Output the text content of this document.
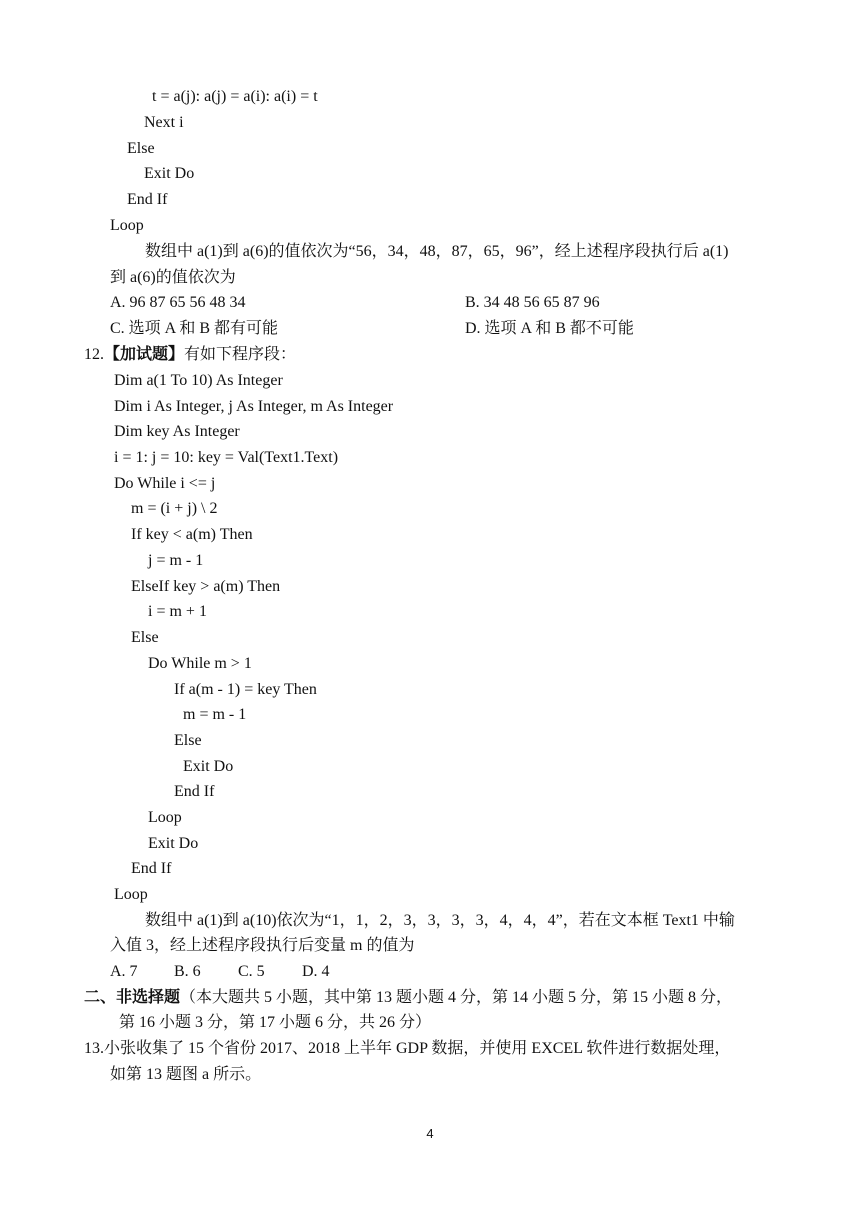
t = a(j): a(j) = a(i): a(i) = t
Next i
Else
Exit Do
End If
Loop
数组中 a(1)到 a(6)的值依次为“56，34，48，87，65，96”，经上述程序段执行后 a(1)
到 a(6)的值依次为
A. 96 87 65 56 48 34	B. 34 48 56 65 87 96
C. 选项 A 和 B 都有可能	D. 选项 A 和 B 都不可能
12.【加试题】有如下程序段：
Dim a(1 To 10) As Integer
Dim i As Integer, j As Integer, m As Integer
Dim key As Integer
i = 1: j = 10: key = Val(Text1.Text)
Do While i <= j
m = (i + j) \ 2
If key < a(m) Then
j = m - 1
ElseIf key > a(m) Then
i = m + 1
Else
Do While m > 1
If a(m - 1) = key Then
m = m - 1
Else
Exit Do
End If
Loop
Exit Do
End If
Loop
数组中 a(1)到 a(10)依次为“1，1，2，3，3，3，3，4，4，4”，若在文本框 Text1 中输
入值 3，经上述程序段执行后变量 m 的值为
A. 7 B. 6 C. 5 D. 4
二、非选择题（本大题共 5 小题，其中第 13 题小题 4 分，第 14 小题 5 分，第 15 小题 8 分，
第 16 小题 3 分，第 17 小题 6 分，共 26 分）
13.小张收集了 15 个省份 2017、2018 上半年 GDP 数据，并使用 EXCEL 软件进行数据处理，
如第 13 题图 a 所示。
4
